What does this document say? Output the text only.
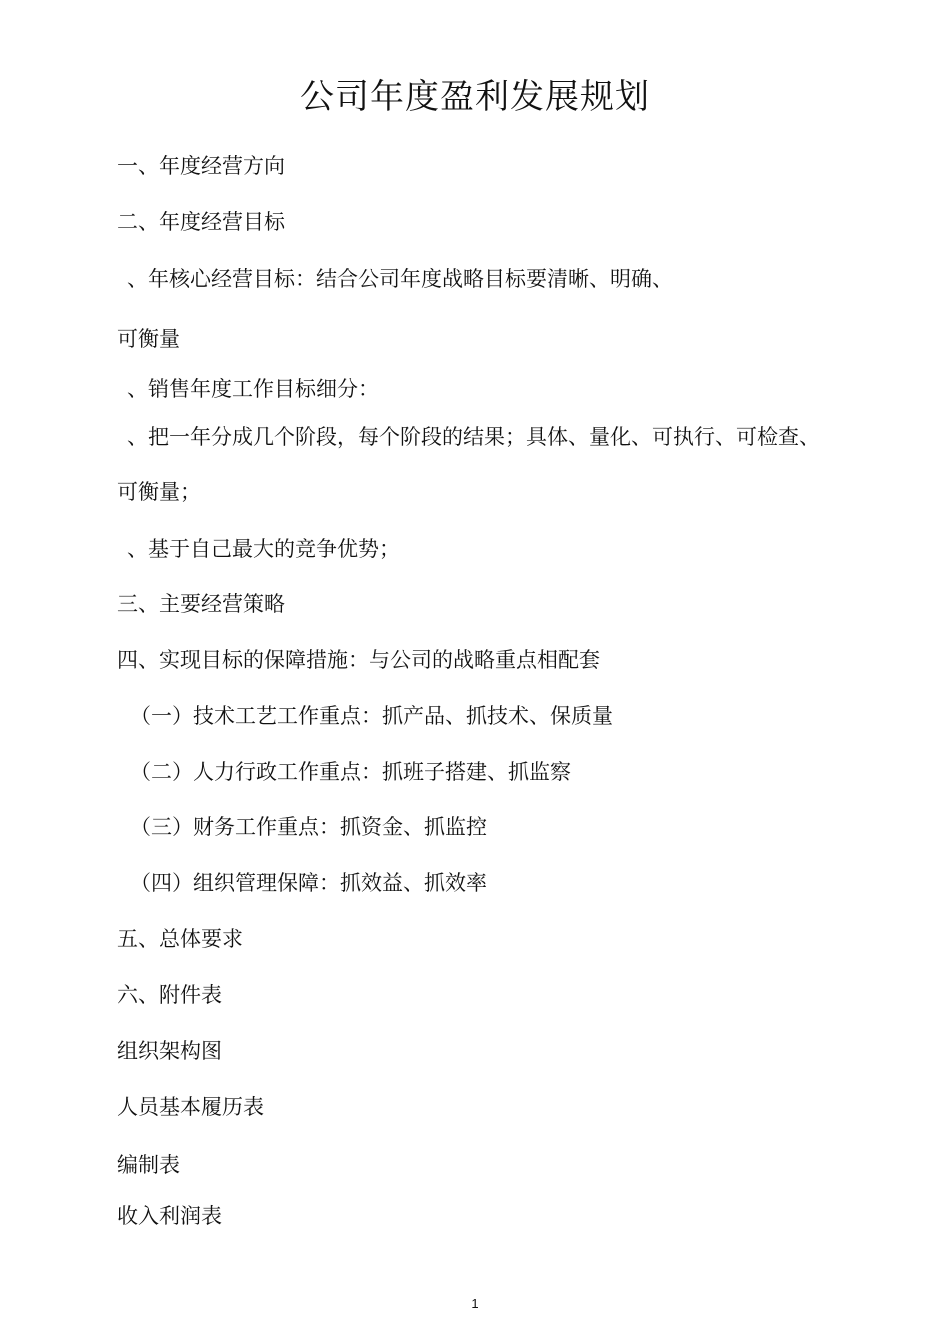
公司年度盈利发展规划
一、年度经营方向
二、年度经营目标
、年核心经营目标：结合公司年度战略目标要清晰、明确、
可衡量
、销售年度工作目标细分：
、把一年分成几个阶段，每个阶段的结果；具体、量化、可执行、可检查、
可衡量；
、基于自己最大的竞争优势；
三、主要经营策略
四、实现目标的保障措施：与公司的战略重点相配套
（一）技术工艺工作重点：抓产品、抓技术、保质量
（二）人力行政工作重点：抓班子搭建、抓监察
（三）财务工作重点：抓资金、抓监控
（四）组织管理保障：抓效益、抓效率
五、总体要求
六、附件表
组织架构图
人员基本履历表
编制表
收入利润表
1
